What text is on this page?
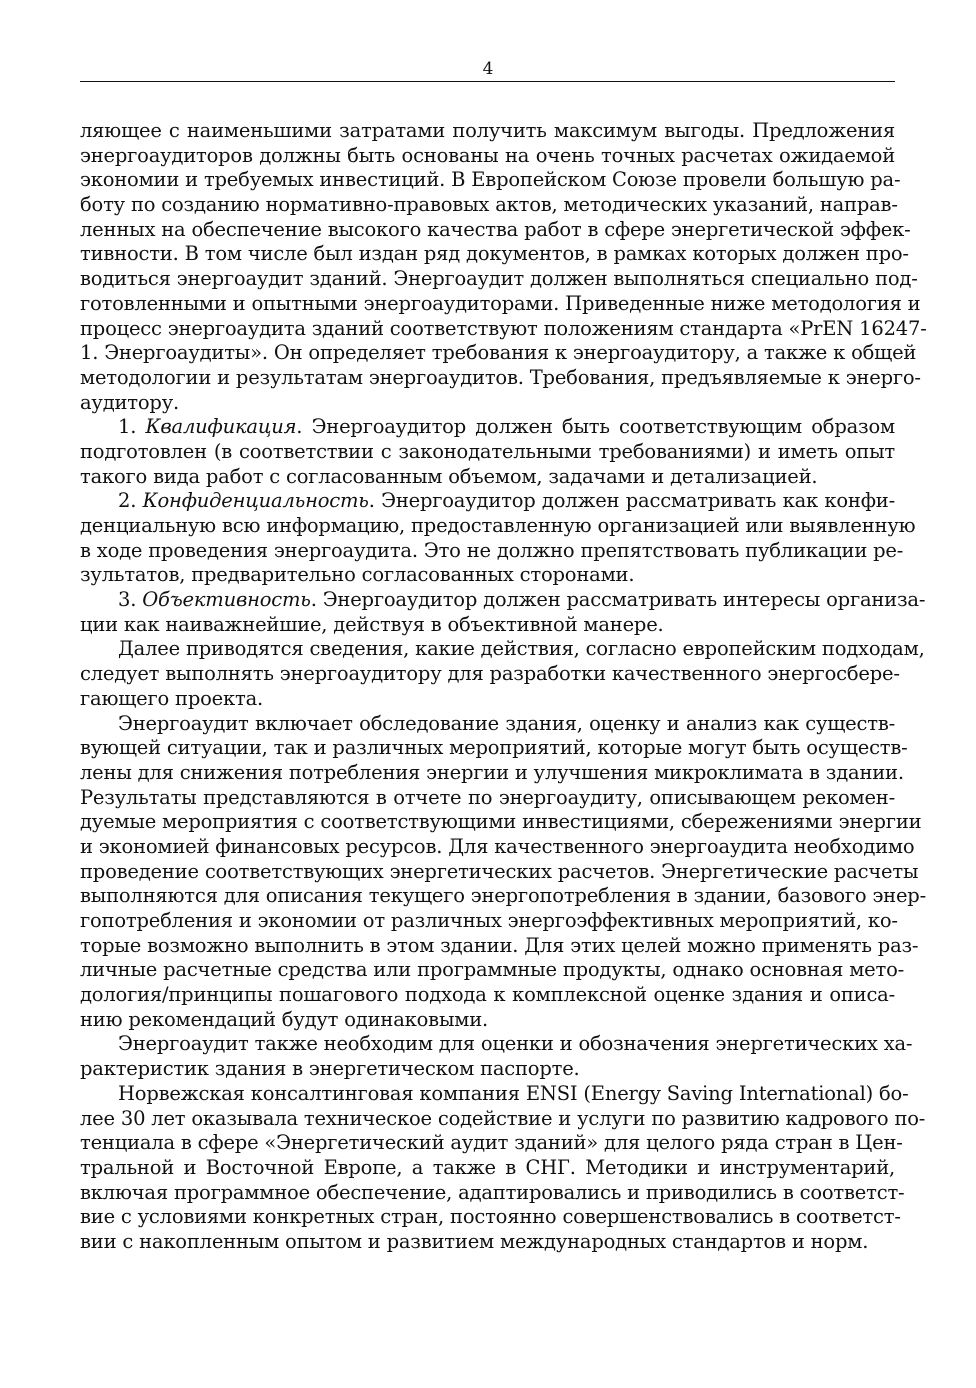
4
ляющее с наименьшими затратами получить максимум выгоды. Предложения
энергоаудиторов должны быть основаны на очень точных расчетах ожидаемой
экономии и требуемых инвестиций. В Европейском Союзе провели большую ра-
боту по созданию нормативно-правовых актов, методических указаний, направ-
ленных на обеспечение высокого качества работ в сфере энергетической эффек-
тивности. В том числе был издан ряд документов, в рамках которых должен про-
водиться энергоаудит зданий. Энергоаудит должен выполняться специально под-
готовленными и опытными энергоаудиторами. Приведенные ниже методология и
процесс энергоаудита зданий соответствуют положениям стандарта «PrEN 16247-
1. Энергоаудиты». Он определяет требования к энергоаудитору, а также к общей
методологии и результатам энергоаудитов. Требования, предъявляемые к энерго-
аудитору.
1. Квалификация. Энергоаудитор должен быть соответствующим образом
подготовлен (в соответствии с законодательными требованиями) и иметь опыт
такого вида работ с согласованным объемом, задачами и детализацией.
2. Конфиденциальность. Энергоаудитор должен рассматривать как конфи-
денциальную всю информацию, предоставленную организацией или выявленную
в ходе проведения энергоаудита. Это не должно препятствовать публикации ре-
зультатов, предварительно согласованных сторонами.
3. Объективность. Энергоаудитор должен рассматривать интересы организа-
ции как наиважнейшие, действуя в объективной манере.
Далее приводятся сведения, какие действия, согласно европейским подходам,
следует выполнять энергоаудитору для разработки качественного энергосбере-
гающего проекта.
Энергоаудит включает обследование здания, оценку и анализ как существ-
вующей ситуации, так и различных мероприятий, которые могут быть осуществ-
лены для снижения потребления энергии и улучшения микроклимата в здании.
Результаты представляются в отчете по энергоаудиту, описывающем рекомен-
дуемые мероприятия с соответствующими инвестициями, сбережениями энергии
и экономией финансовых ресурсов. Для качественного энергоаудита необходимо
проведение соответствующих энергетических расчетов. Энергетические расчеты
выполняются для описания текущего энергопотребления в здании, базового энер-
гопотребления и экономии от различных энергоэффективных мероприятий, ко-
торые возможно выполнить в этом здании. Для этих целей можно применять раз-
личные расчетные средства или программные продукты, однако основная мето-
дология/принципы пошагового подхода к комплексной оценке здания и описа-
нию рекомендаций будут одинаковыми.
Энергоаудит также необходим для оценки и обозначения энергетических ха-
рактеристик здания в энергетическом паспорте.
Норвежская консалтинговая компания ENSI (Energy Saving International) бо-
лее 30 лет оказывала техническое содействие и услуги по развитию кадрового по-
тенциала в сфере «Энергетический аудит зданий» для целого ряда стран в Цен-
тральной и Восточной Европе, а также в СНГ. Методики и инструментарий,
включая программное обеспечение, адаптировались и приводились в соответст-
вие с условиями конкретных стран, постоянно совершенствовались в соответст-
вии с накопленным опытом и развитием международных стандартов и норм.
